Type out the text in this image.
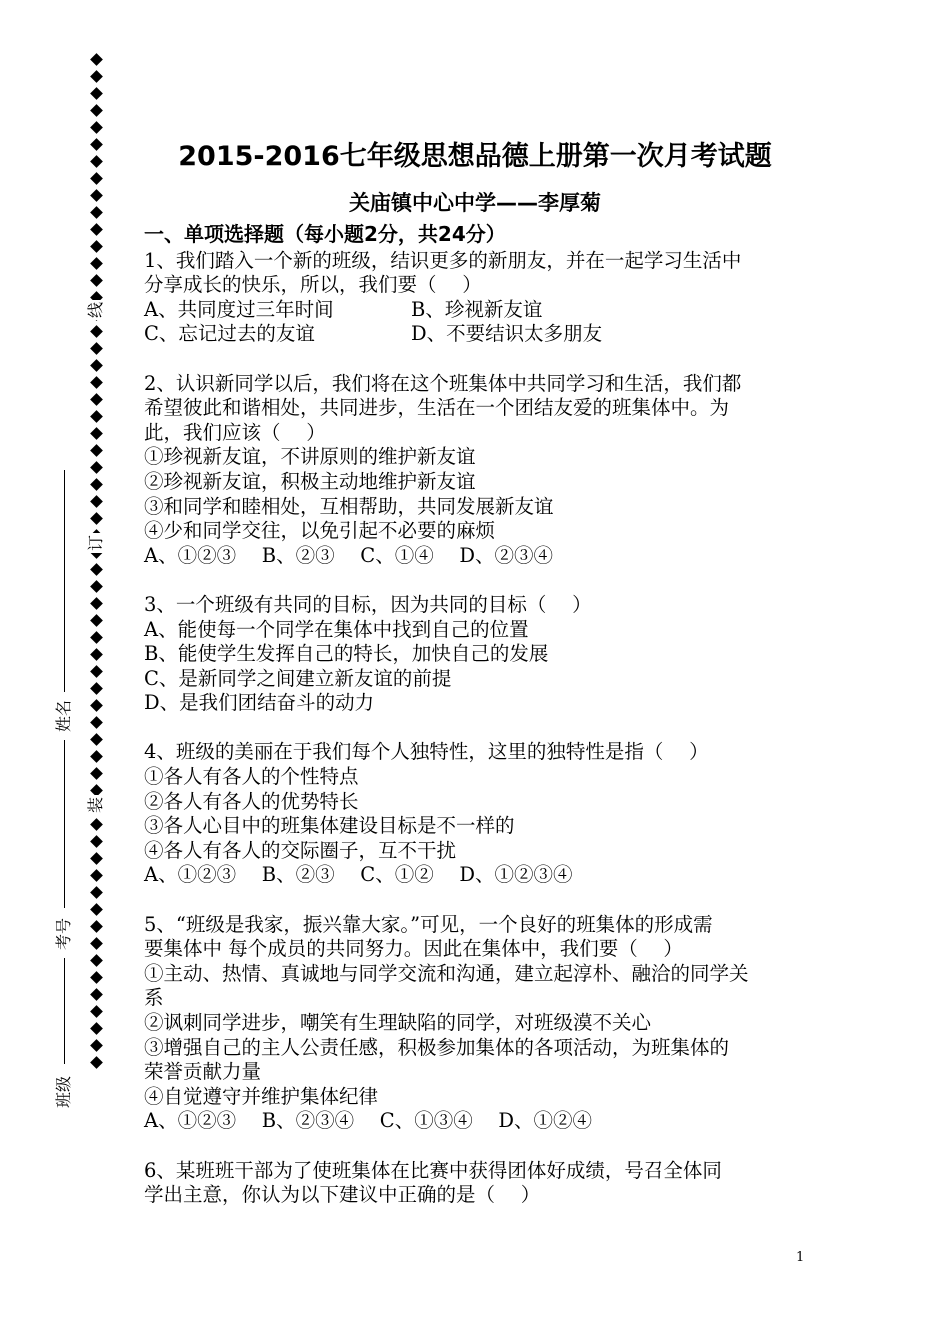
线
订
装
姓名
考号
班级
2015-2016七年级思想品德上册第一次月考试题
关庙镇中心中学——李厚菊
一、单项选择题（每小题2分，共24分）

1、我们踏入一个新的班级，结识更多的新朋友，并在一起学习生活中

分享成长的快乐，所以，我们要（　 ）

A、共同度过三年时间	B、珍视新友谊
C、忘记过去的友谊	D、不要结识太多朋友

2、认识新同学以后，我们将在这个班集体中共同学习和生活，我们都

希望彼此和谐相处，共同进步，生活在一个团结友爱的班集体中。为

此，我们应该（　 ）

①珍视新友谊，不讲原则的维护新友谊

②珍视新友谊，积极主动地维护新友谊

③和同学和睦相处，互相帮助，共同发展新友谊

④少和同学交往，以免引起不必要的麻烦

A、①②③　 B、②③　 C、①④　 D、②③④

3、一个班级有共同的目标，因为共同的目标（　 ）

A、能使每一个同学在集体中找到自己的位置

B、能使学生发挥自己的特长，加快自己的发展

C、是新同学之间建立新友谊的前提

D、是我们团结奋斗的动力

4、班级的美丽在于我们每个人独特性，这里的独特性是指（　 ）

①各人有各人的个性特点

②各人有各人的优势特长

③各人心目中的班集体建设目标是不一样的

④各人有各人的交际圈子，互不干扰

A、①②③　 B、②③　 C、①②　 D、①②③④

5、“班级是我家，振兴靠大家。”可见，一个良好的班集体的形成需

要集体中 每个成员的共同努力。因此在集体中，我们要（　 ）

①主动、热情、真诚地与同学交流和沟通，建立起淳朴、融洽的同学关

系

②讽刺同学进步，嘲笑有生理缺陷的同学，对班级漠不关心

③增强自己的主人公责任感，积极参加集体的各项活动，为班集体的

荣誉贡献力量

④自觉遵守并维护集体纪律

A、①②③　 B、②③④　 C、①③④　 D、①②④

6、某班班干部为了使班集体在比赛中获得团体好成绩，号召全体同

学出主意，你认为以下建议中正确的是（　 ）

1
